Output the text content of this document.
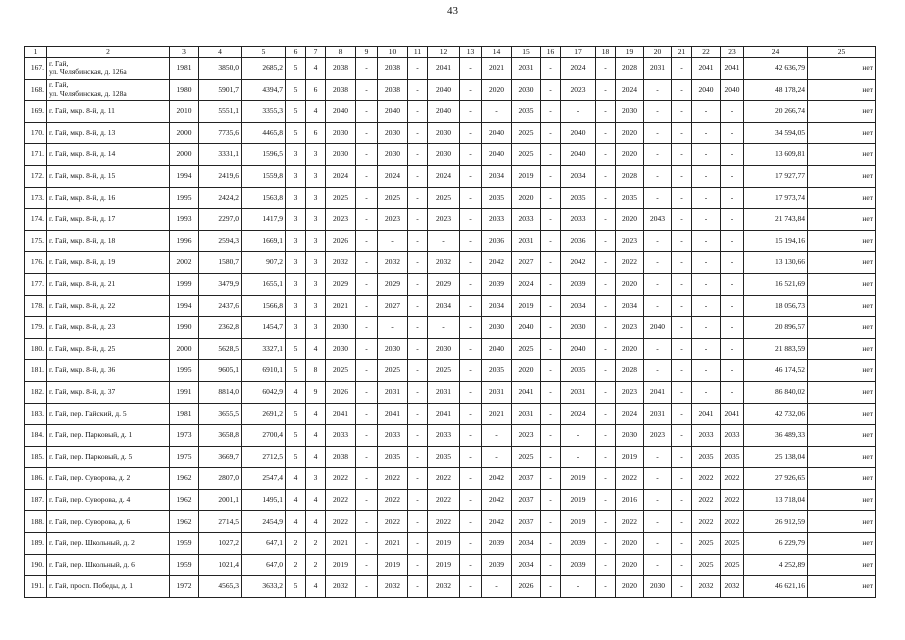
43
1	2	3	4	5	6	7	8	9	10	11	12	13	14	15	16	17	18	19	20	21	22	23	24	25
167.	г. Гай,
ул. Челябинская, д. 126а	1981	3850,0	2685,2	5	4	2038	-	2038	-	2041	-	2021	2031	-	2024	-	2028	2031	-	2041	2041	42 636,79	нет
168.	г. Гай,
ул. Челябинская, д. 128а	1980	5901,7	4394,7	5	6	2038	-	2038	-	2040	-	2020	2030	-	2023	-	2024	-	-	2040	2040	48 178,24	нет
169.	г. Гай, мкр. 8-й, д. 11	2010	5551,1	3355,3	5	4	2040	-	2040	-	2040	-	-	2035	-	-	-	2030	-	-	-	-	20 266,74	нет
170.	г. Гай, мкр. 8-й, д. 13	2000	7735,6	4465,8	5	6	2030	-	2030	-	2030	-	2040	2025	-	2040	-	2020	-	-	-	-	34 594,05	нет
171.	г. Гай, мкр. 8-й, д. 14	2000	3331,1	1596,5	3	3	2030	-	2030	-	2030	-	2040	2025	-	2040	-	2020	-	-	-	-	13 609,81	нет
172.	г. Гай, мкр. 8-й, д. 15	1994	2419,6	1559,8	3	3	2024	-	2024	-	2024	-	2034	2019	-	2034	-	2028	-	-	-	-	17 927,77	нет
173.	г. Гай, мкр. 8-й, д. 16	1995	2424,2	1563,8	3	3	2025	-	2025	-	2025	-	2035	2020	-	2035	-	2035	-	-	-	-	17 973,74	нет
174.	г. Гай, мкр. 8-й, д. 17	1993	2297,0	1417,9	3	3	2023	-	2023	-	2023	-	2033	2033	-	2033	-	2020	2043	-	-	-	21 743,84	нет
175.	г. Гай, мкр. 8-й, д. 18	1996	2594,3	1669,1	3	3	2026	-	-	-	-	-	2036	2031	-	2036	-	2023	-	-	-	-	15 194,16	нет
176.	г. Гай, мкр. 8-й, д. 19	2002	1580,7	907,2	3	3	2032	-	2032	-	2032	-	2042	2027	-	2042	-	2022	-	-	-	-	13 130,66	нет
177.	г. Гай, мкр. 8-й, д. 21	1999	3479,9	1655,1	3	3	2029	-	2029	-	2029	-	2039	2024	-	2039	-	2020	-	-	-	-	16 521,69	нет
178.	г. Гай, мкр. 8-й, д. 22	1994	2437,6	1566,8	3	3	2021	-	2027	-	2034	-	2034	2019	-	2034	-	2034	-	-	-	-	18 056,73	нет
179.	г. Гай, мкр. 8-й, д. 23	1990	2362,8	1454,7	3	3	2030	-	-	-	-	-	2030	2040	-	2030	-	2023	2040	-	-	-	20 896,57	нет
180.	г. Гай, мкр. 8-й, д. 25	2000	5628,5	3327,1	5	4	2030	-	2030	-	2030	-	2040	2025	-	2040	-	2020	-	-	-	-	21 883,59	нет
181.	г. Гай, мкр. 8-й, д. 36	1995	9605,1	6910,1	5	8	2025	-	2025	-	2025	-	2035	2020	-	2035	-	2028	-	-	-	-	46 174,52	нет
182.	г. Гай, мкр. 8-й, д. 37	1991	8814,0	6042,9	4	9	2026	-	2031	-	2031	-	2031	2041	-	2031	-	2023	2041	-	-	-	86 840,02	нет
183.	г. Гай, пер. Гайский, д. 5	1981	3655,5	2691,2	5	4	2041	-	2041	-	2041	-	2021	2031	-	2024	-	2024	2031	-	2041	2041	42 732,06	нет
184.	г. Гай, пер. Парковый, д. 1	1973	3658,8	2700,4	5	4	2033	-	2033	-	2033	-	-	2023	-	-	-	2030	2023	-	2033	2033	36 489,33	нет
185.	г. Гай, пер. Парковый, д. 5	1975	3669,7	2712,5	5	4	2038	-	2035	-	2035	-	-	2025	-	-	-	2019	-	-	2035	2035	25 138,04	нет
186.	г. Гай, пер. Суворова, д. 2	1962	2807,0	2547,4	4	3	2022	-	2022	-	2022	-	2042	2037	-	2019	-	2022	-	-	2022	2022	27 926,65	нет
187.	г. Гай, пер. Суворова, д. 4	1962	2001,1	1495,1	4	4	2022	-	2022	-	2022	-	2042	2037	-	2019	-	2016	-	-	2022	2022	13 718,04	нет
188.	г. Гай, пер. Суворова, д. 6	1962	2714,5	2454,9	4	4	2022	-	2022	-	2022	-	2042	2037	-	2019	-	2022	-	-	2022	2022	26 912,59	нет
189.	г. Гай, пер. Школьный, д. 2	1959	1027,2	647,1	2	2	2021	-	2021	-	2019	-	2039	2034	-	2039	-	2020	-	-	2025	2025	6 229,79	нет
190.	г. Гай, пер. Школьный, д. 6	1959	1021,4	647,0	2	2	2019	-	2019	-	2019	-	2039	2034	-	2039	-	2020	-	-	2025	2025	4 252,89	нет
191.	г. Гай, просп. Победы, д. 1	1972	4565,3	3633,2	5	4	2032	-	2032	-	2032	-	-	2026	-	-	-	2020	2030	-	2032	2032	46 621,16	нет
